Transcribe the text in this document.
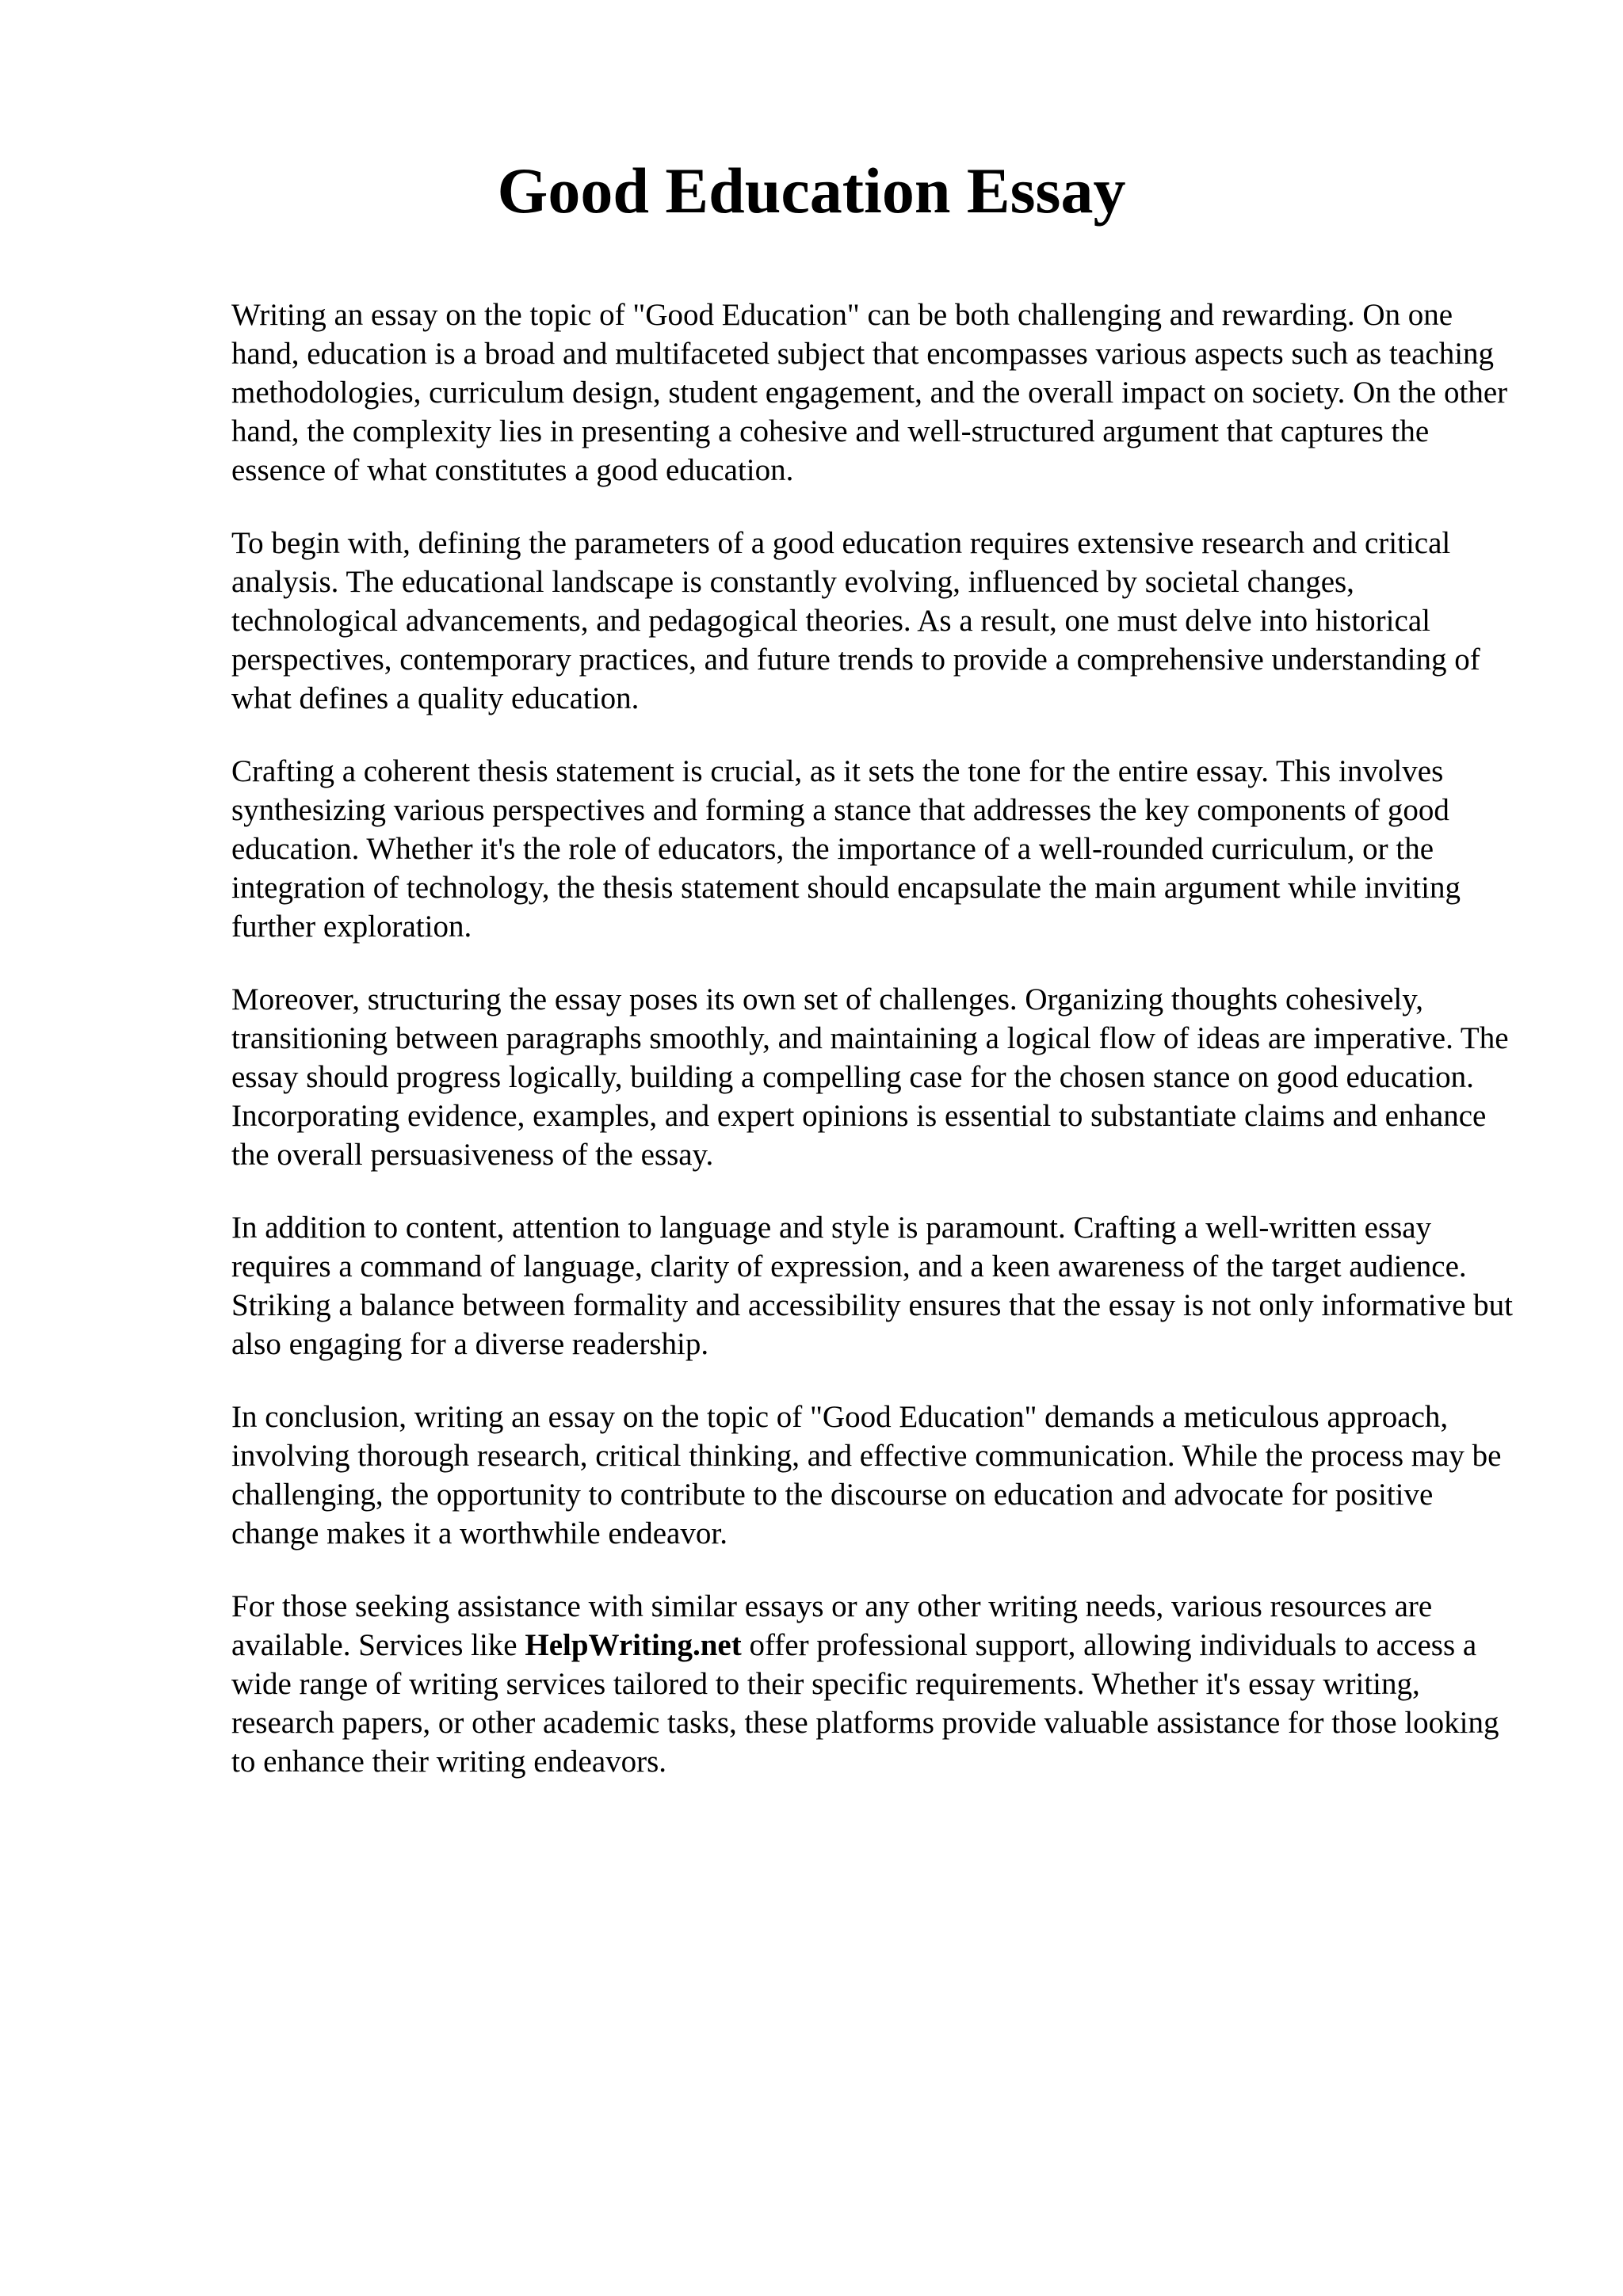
Good Education Essay

Writing an essay on the topic of "Good Education" can be both challenging and rewarding. On one hand, education is a broad and multifaceted subject that encompasses various aspects such as teaching methodologies, curriculum design, student engagement, and the overall impact on society. On the other hand, the complexity lies in presenting a cohesive and well-structured argument that captures the essence of what constitutes a good education.

To begin with, defining the parameters of a good education requires extensive research and critical analysis. The educational landscape is constantly evolving, influenced by societal changes, technological advancements, and pedagogical theories. As a result, one must delve into historical perspectives, contemporary practices, and future trends to provide a comprehensive understanding of what defines a quality education.

Crafting a coherent thesis statement is crucial, as it sets the tone for the entire essay. This involves synthesizing various perspectives and forming a stance that addresses the key components of good education. Whether it's the role of educators, the importance of a well-rounded curriculum, or the integration of technology, the thesis statement should encapsulate the main argument while inviting further exploration.

Moreover, structuring the essay poses its own set of challenges. Organizing thoughts cohesively, transitioning between paragraphs smoothly, and maintaining a logical flow of ideas are imperative. The essay should progress logically, building a compelling case for the chosen stance on good education. Incorporating evidence, examples, and expert opinions is essential to substantiate claims and enhance the overall persuasiveness of the essay.

In addition to content, attention to language and style is paramount. Crafting a well-written essay requires a command of language, clarity of expression, and a keen awareness of the target audience. Striking a balance between formality and accessibility ensures that the essay is not only informative but also engaging for a diverse readership.

In conclusion, writing an essay on the topic of "Good Education" demands a meticulous approach, involving thorough research, critical thinking, and effective communication. While the process may be challenging, the opportunity to contribute to the discourse on education and advocate for positive change makes it a worthwhile endeavor.

For those seeking assistance with similar essays or any other writing needs, various resources are available. Services like HelpWriting.net offer professional support, allowing individuals to access a wide range of writing services tailored to their specific requirements. Whether it's essay writing, research papers, or other academic tasks, these platforms provide valuable assistance for those looking to enhance their writing endeavors.
